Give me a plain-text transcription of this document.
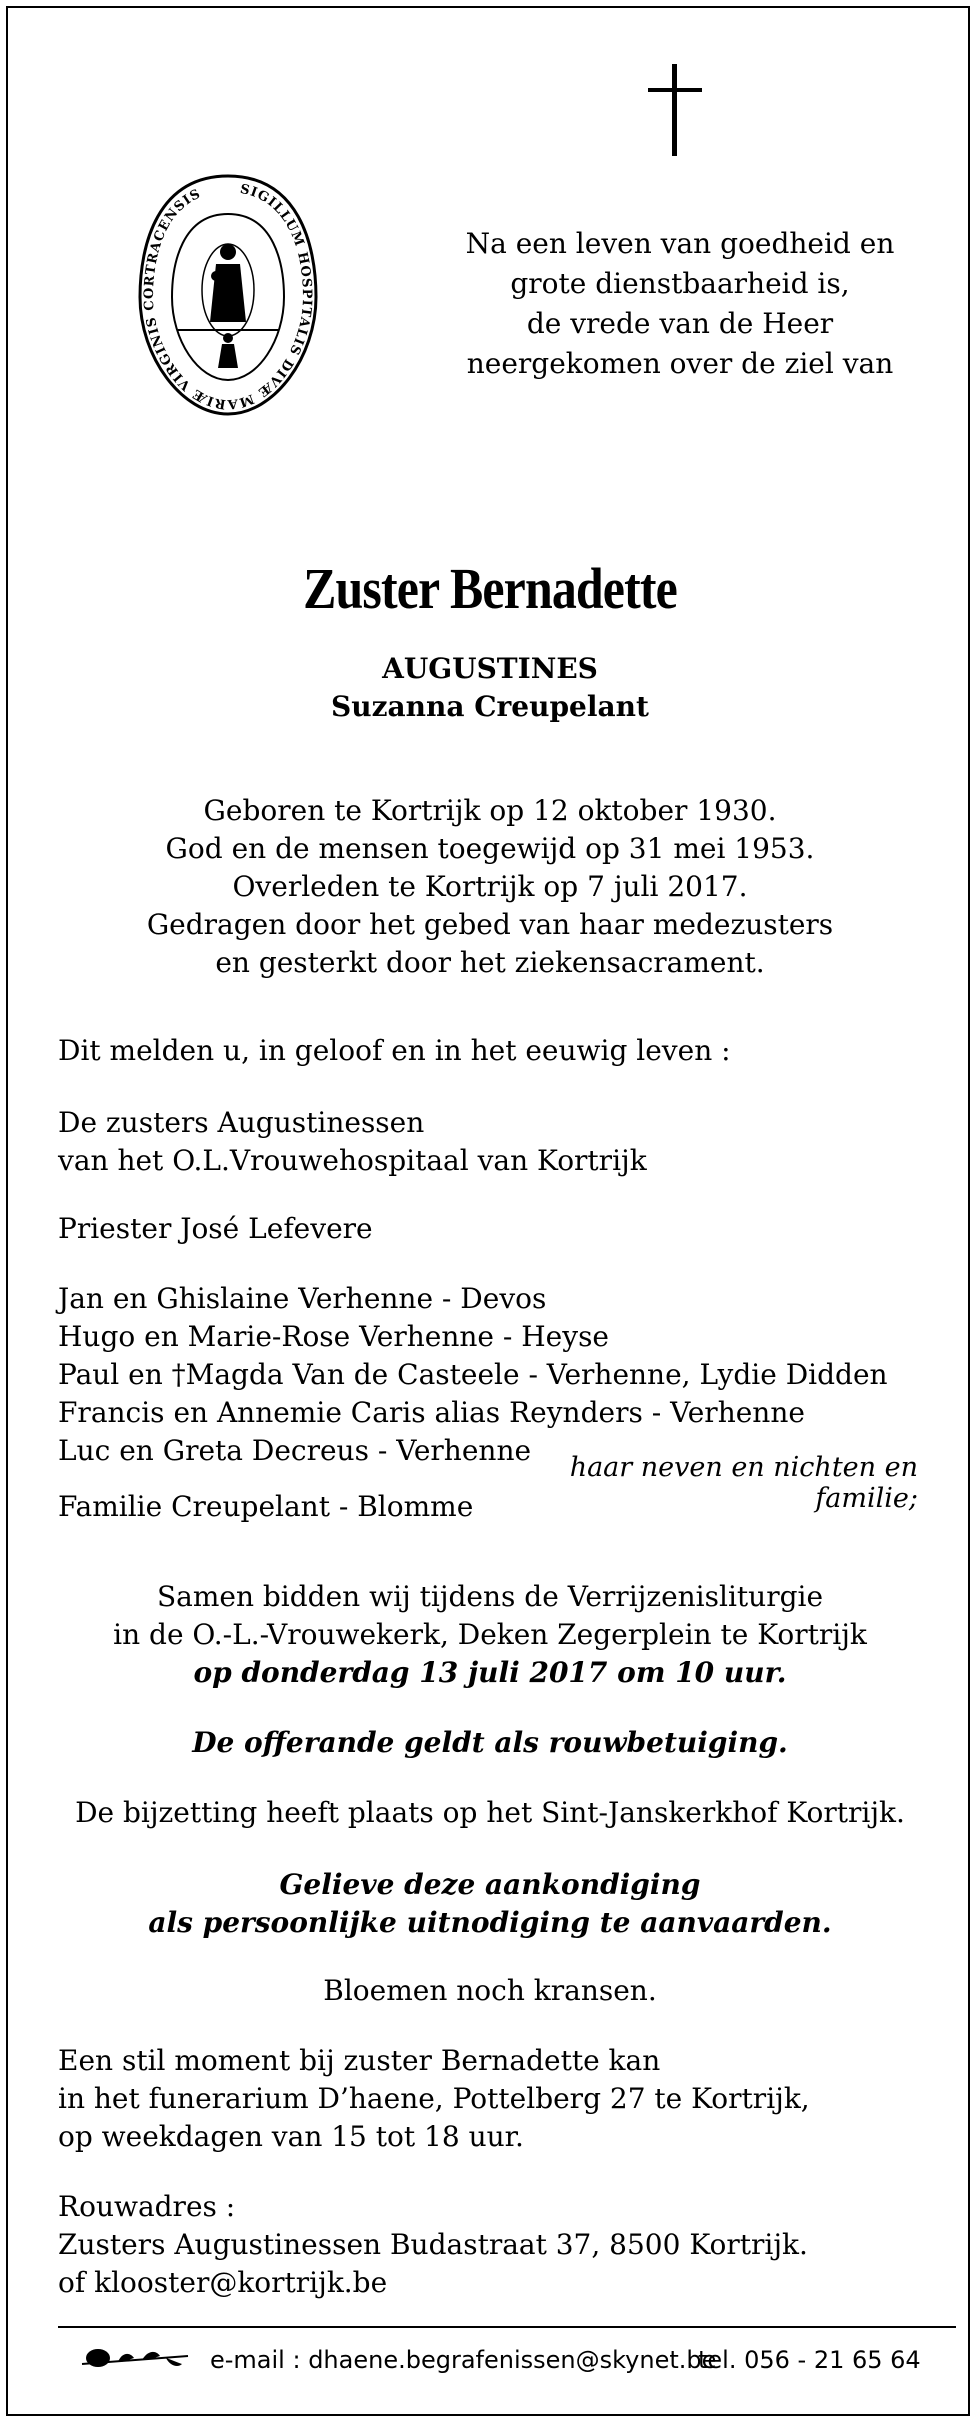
SIGILLUM HOSPITALIS DIVÆ MARIÆ VIRGINIS CORTRACENSIS
Na een leven van goedheid en
grote dienstbaarheid is,
de vrede van de Heer
neergekomen over de ziel van
Zuster Bernadette
AUGUSTINES
Suzanna Creupelant
Geboren te Kortrijk op 12 oktober 1930.
God en de mensen toegewijd op 31 mei 1953.
Overleden te Kortrijk op 7 juli 2017.
Gedragen door het gebed van haar medezusters
en gesterkt door het ziekensacrament.
Dit melden u, in geloof en in het eeuwig leven :
De zusters Augustinessen
van het O.L.Vrouwehospitaal van Kortrijk
Priester José Lefevere
Jan en Ghislaine Verhenne - Devos
Hugo en Marie-Rose Verhenne - Heyse
Paul en †Magda Van de Casteele - Verhenne, Lydie Didden
Francis en Annemie Caris alias Reynders - Verhenne
Luc en Greta Decreus - Verhenne
haar neven en nichten en familie;
Familie Creupelant - Blomme
Samen bidden wij tijdens de Verrijzenisliturgie
in de O.-L.-Vrouwekerk, Deken Zegerplein te Kortrijk
op donderdag 13 juli 2017 om 10 uur.
De offerande geldt als rouwbetuiging.
De bijzetting heeft plaats op het Sint-Janskerkhof Kortrijk.
Gelieve deze aankondiging
als persoonlijke uitnodiging te aanvaarden.
Bloemen noch kransen.
Een stil moment bij zuster Bernadette kan
in het funerarium D’haene, Pottelberg 27 te Kortrijk,
op weekdagen van 15 tot 18 uur.
Rouwadres :
Zusters Augustinessen Budastraat 37, 8500 Kortrijk.
of klooster@kortrijk.be
e-mail : dhaene.begrafenissen@skynet.be
tel. 056 - 21 65 64
